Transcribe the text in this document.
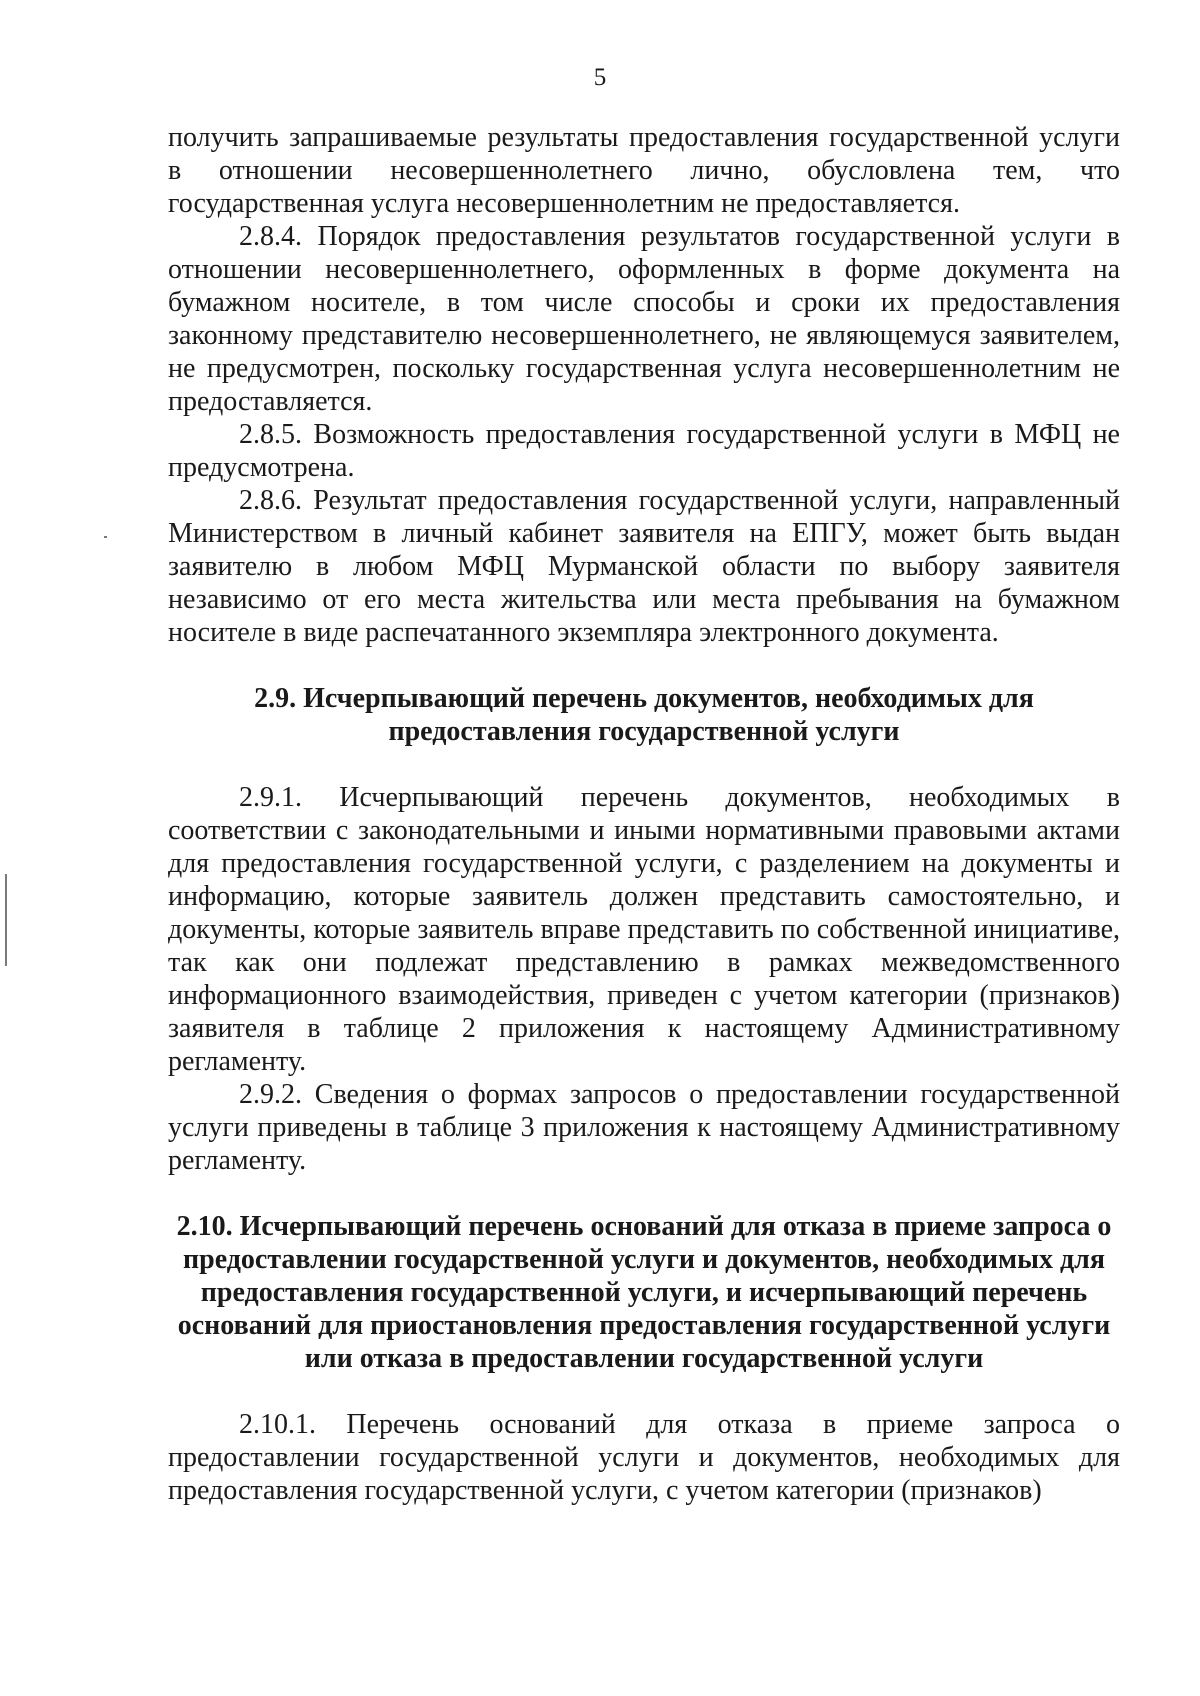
5

получить запрашиваемые результаты предоставления государственной услуги в отношении несовершеннолетнего лично, обусловлена тем, что государственная услуга несовершеннолетним не предоставляется.

2.8.4. Порядок предоставления результатов государственной услуги в отношении несовершеннолетнего, оформленных в форме документа на бумажном носителе, в том числе способы и сроки их предоставления законному представителю несовершеннолетнего, не являющемуся заявителем, не предусмотрен, поскольку государственная услуга несовершеннолетним не предоставляется.

2.8.5. Возможность предоставления государственной услуги в МФЦ не предусмотрена.

2.8.6. Результат предоставления государственной услуги, направленный Министерством в личный кабинет заявителя на ЕПГУ, может быть выдан заявителю в любом МФЦ Мурманской области по выбору заявителя независимо от его места жительства или места пребывания на бумажном носителе в виде распечатанного экземпляра электронного документа.

2.9. Исчерпывающий перечень документов, необходимых для предоставления государственной услуги

2.9.1. Исчерпывающий перечень документов, необходимых в соответствии с законодательными и иными нормативными правовыми актами для предоставления государственной услуги, с разделением на документы и информацию, которые заявитель должен представить самостоятельно, и документы, которые заявитель вправе представить по собственной инициативе, так как они подлежат представлению в рамках межведомственного информационного взаимодействия, приведен с учетом категории (признаков) заявителя в таблице 2 приложения к настоящему Административному регламенту.

2.9.2. Сведения о формах запросов о предоставлении государственной услуги приведены в таблице 3 приложения к настоящему Административному регламенту.

2.10. Исчерпывающий перечень оснований для отказа в приеме запроса о предоставлении государственной услуги и документов, необходимых для предоставления государственной услуги, и исчерпывающий перечень оснований для приостановления предоставления государственной услуги или отказа в предоставлении государственной услуги

2.10.1. Перечень оснований для отказа в приеме запроса о предоставлении государственной услуги и документов, необходимых для предоставления государственной услуги, с учетом категории (признаков)
